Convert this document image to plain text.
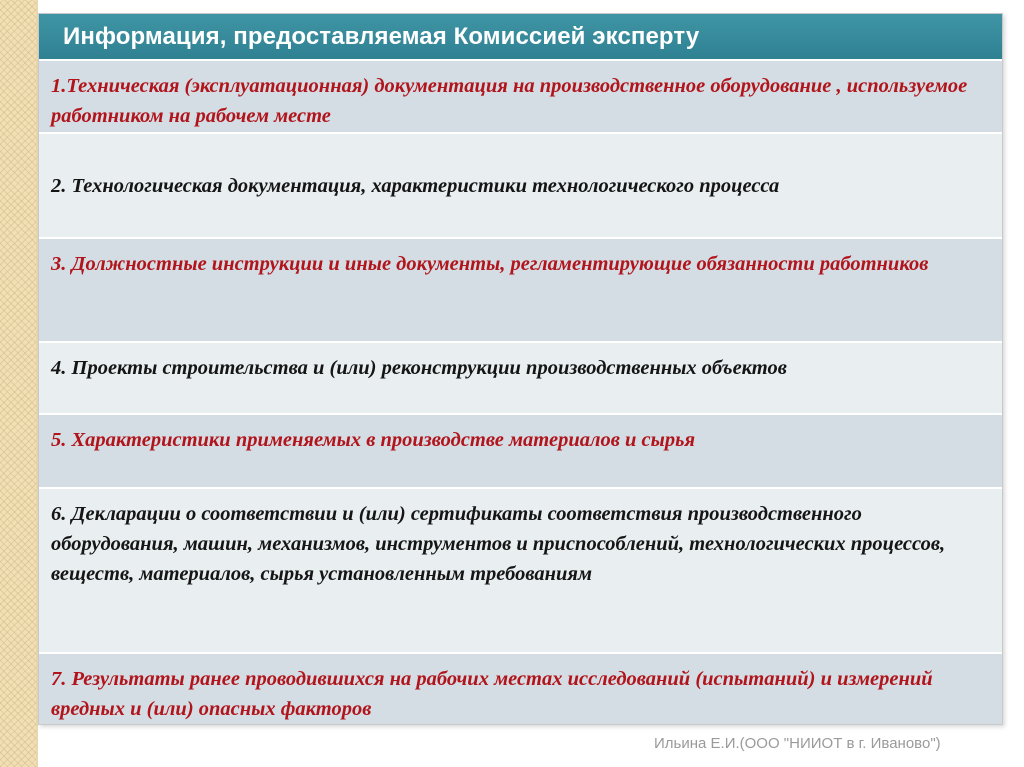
Информация, предоставляемая Комиссией эксперту
1.Техническая (эксплуатационная) документация на производственное оборудование , используемое работником на рабочем месте
2. Технологическая документация, характеристики технологического процесса
3. Должностные инструкции и иные документы, регламентирующие обязанности работников
4. Проекты строительства и (или) реконструкции производственных объектов
5. Характеристики применяемых в производстве материалов и сырья
6. Декларации о соответствии и (или) сертификаты соответствия производственного оборудования, машин, механизмов, инструментов и приспособлений, технологических процессов, веществ, материалов, сырья установленным требованиям
7. Результаты ранее проводившихся на рабочих местах исследований (испытаний) и измерений вредных и (или) опасных факторов
Ильина Е.И.(ООО "НИИОТ в г. Иваново")
